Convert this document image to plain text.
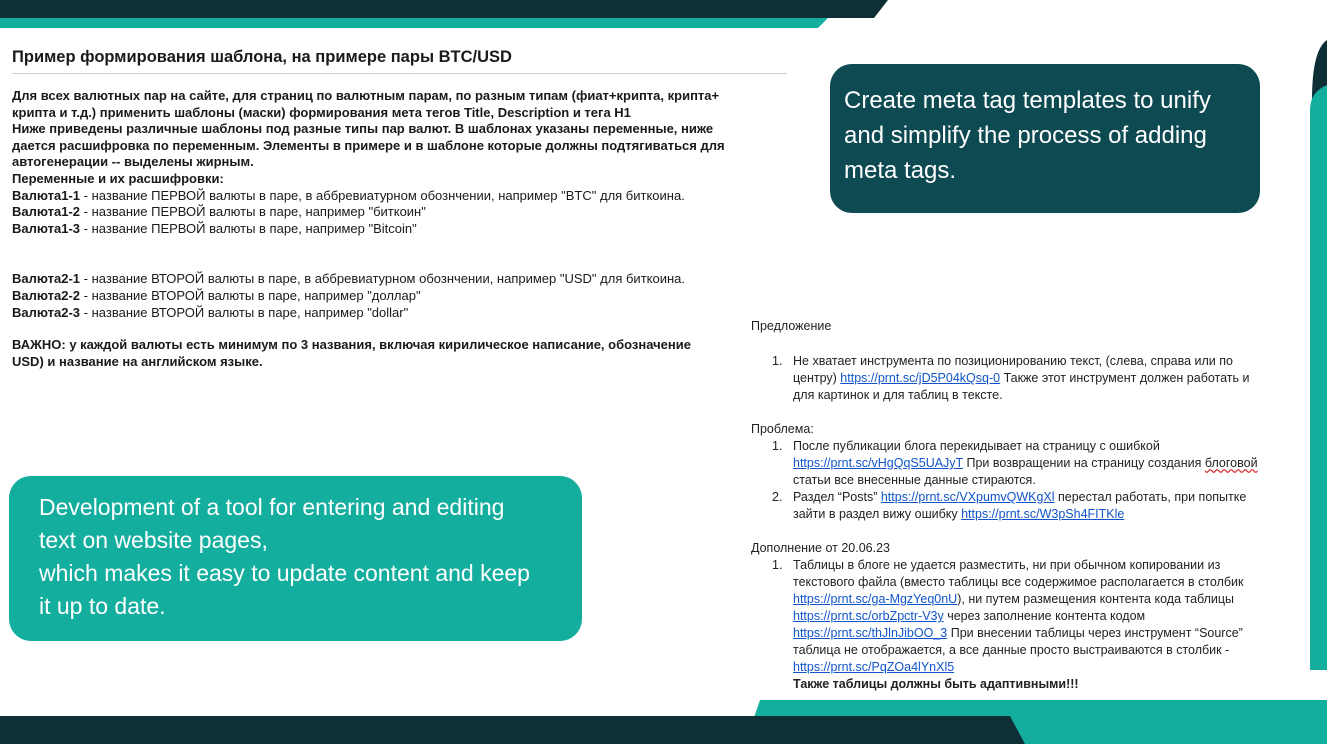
Пример формирования шаблона, на примере пары BTC/USD

Для всех валютных пар на сайте, для страниц по валютным парам, по разным типам (фиат+крипта, крипта+
крипта и т.д.) применить шаблоны (маски) формирования мета тегов Title, Description и тега H1
Ниже приведены различные шаблоны под разные типы пар валют. В шаблонах указаны переменные, ниже
дается расшифровка по переменным. Элементы в примере и в шаблоне которые должны подтягиваться для
автогенерации -- выделены жирным.
Переменные и их расшифровки:
Валюта1-1 - название ПЕРВОЙ валюты в паре, в аббревиатурном обознчении, например "BTC" для биткоина.
Валюта1-2 - название ПЕРВОЙ валюты в паре, например "биткоин"
Валюта1-3 - название ПЕРВОЙ валюты в паре, например "Bitcoin"
Валюта2-1 - название ВТОРОЙ валюты в паре, в аббревиатурном обознчении, например "USD" для биткоина.
Валюта2-2 - название ВТОРОЙ валюты в паре, например "доллар"
Валюта2-3 - название ВТОРОЙ валюты в паре, например "dollar"
ВАЖНО: у каждой валюты есть минимум по 3 названия, включая кирилическое написание, обозначение
USD) и название на английском языке.
Create meta tag templates to unify
and simplify the process of adding
meta tags.
Development of a tool for entering and editing
text on website pages,
which makes it easy to update content and keep
it up to date.
Предложение
1. Не хватает инструмента по позиционированию текст, (слева, справа или по
центру) https://prnt.sc/jD5P04kQsq-0 Также этот инструмент должен работать и
для картинок и для таблиц в тексте.
Проблема:
1. После публикации блога перекидывает на страницу с ошибкой
https://prnt.sc/vHgQqS5UAJyT При возвращении на страницу создания блоговой
статьи все внесенные данные стираются.
2. Раздел “Posts” https://prnt.sc/VXpumvQWKgXl перестал работать, при попытке
зайти в раздел вижу ошибку https://prnt.sc/W3pSh4FITKle
Дополнение от 20.06.23
1. Таблицы в блоге не удается разместить, ни при обычном копировании из
текстового файла (вместо таблицы все содержимое располагается в столбик
https://prnt.sc/ga-MgzYeq0nU), ни путем размещения контента кода таблицы
https://prnt.sc/orbZpctr-V3y через заполнение контента кодом
https://prnt.sc/thJlnJibOO_3 При внесении таблицы через инструмент “Source”
таблица не отображается, а все данные просто выстраиваются в столбик -
https://prnt.sc/PqZOa4lYnXl5
Также таблицы должны быть адаптивными!!!
